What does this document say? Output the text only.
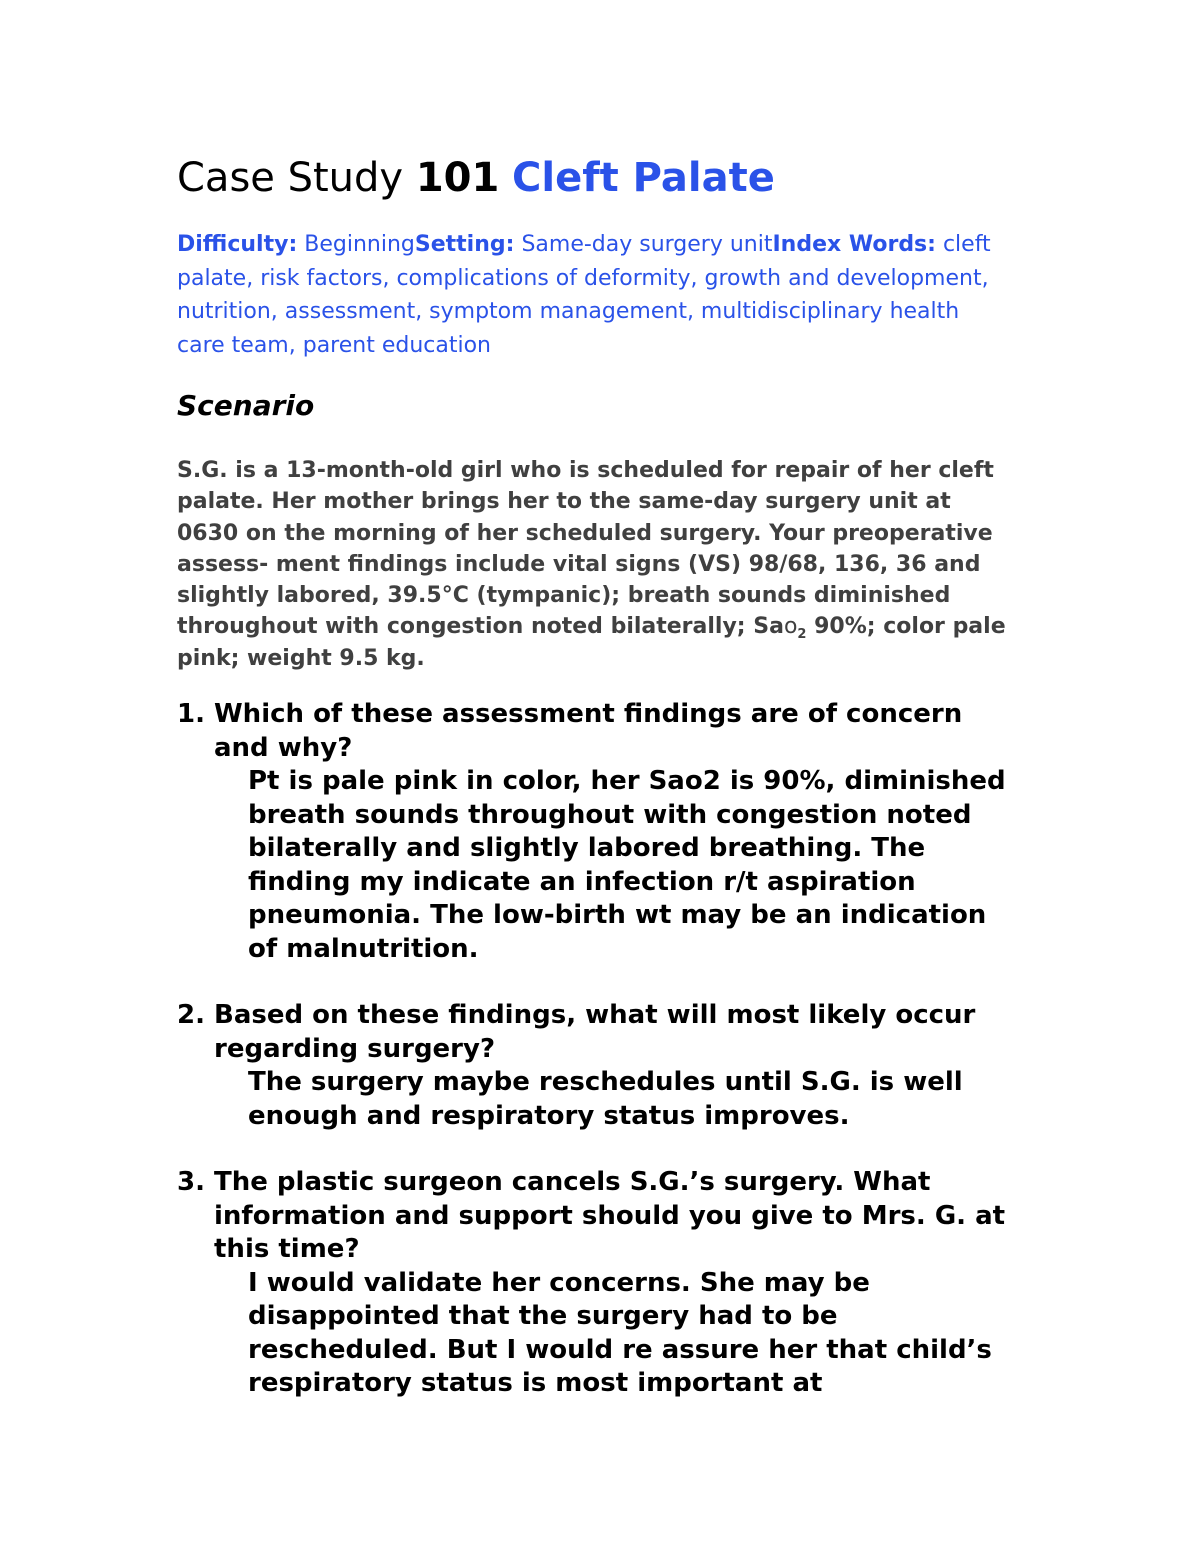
Case Study 101 Cleft Palate
Difficulty: BeginningSetting: Same-day surgery unitIndex Words: cleft palate, risk factors, complications of deformity, growth and development, nutrition, assessment, symptom management, multidisciplinary health care team, parent education
Scenario
S.G. is a 13-month-old girl who is scheduled for repair of her cleft palate. Her mother brings her to the same-day surgery unit at 0630 on the morning of her scheduled surgery. Your preoperative assess- ment findings include vital signs (VS) 98/68, 136, 36 and slightly labored, 39.5°C (tympanic); breath sounds diminished throughout with congestion noted bilaterally; Sao$_2$ 90%; color pale pink; weight 9.5 kg.
1. Which of these assessment findings are of concern and why?
Pt is pale pink in color, her Sao2 is 90%, diminished breath sounds throughout with congestion noted bilaterally and slightly labored breathing. The finding my indicate an infection r/t aspiration pneumonia. The low-birth wt may be an indication of malnutrition.
2. Based on these findings, what will most likely occur regarding surgery?
The surgery maybe reschedules until S.G. is well enough and respiratory status improves.
3. The plastic surgeon cancels S.G.’s surgery. What information and support should you give to Mrs. G. at this time?
I would validate her concerns. She may be disappointed that the surgery had to be rescheduled. But I would re assure her that child’s respiratory status is most important at
